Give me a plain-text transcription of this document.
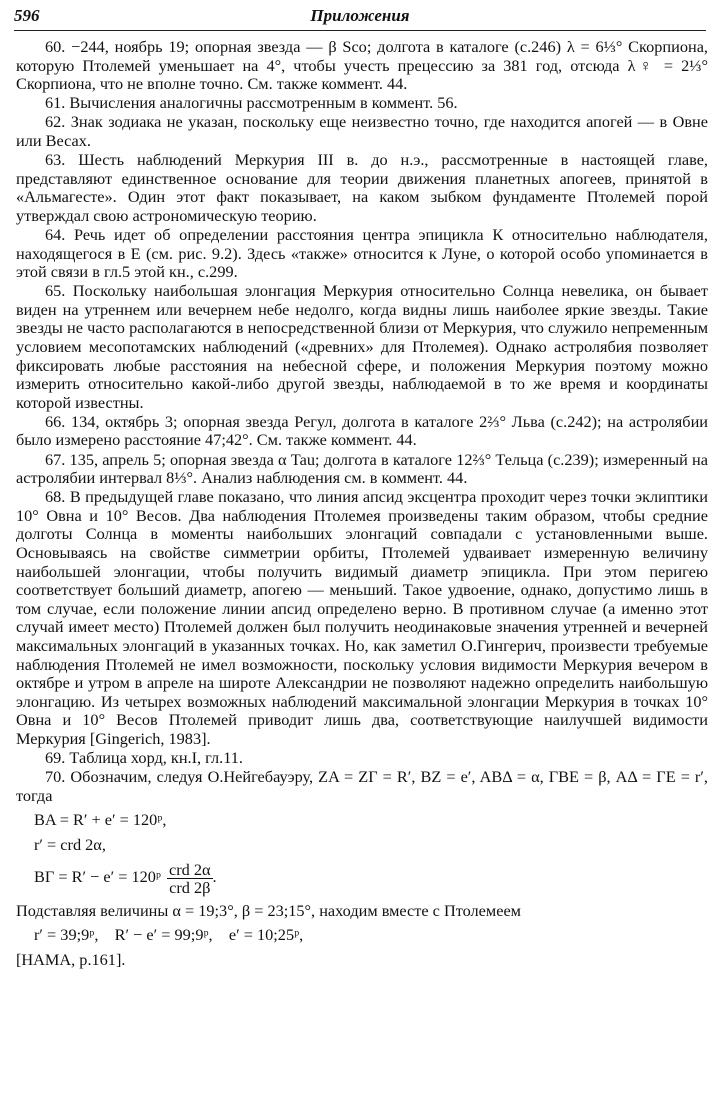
596	Приложения

60. −244, ноябрь 19; опорная звезда — β Sco; долгота в каталоге (с.246) λ = 6⅓° Скорпиона, которую Птолемей уменьшает на 4°, чтобы учесть прецессию за 381 год, отсюда λ♀ = 2⅓° Скорпиона, что не вполне точно. См. также коммент. 44.

61. Вычисления аналогичны рассмотренным в коммент. 56.

62. Знак зодиака не указан, поскольку еще неизвестно точно, где находится апогей — в Овне или Весах.

63. Шесть наблюдений Меркурия III в. до н.э., рассмотренные в настоящей главе, представляют единственное основание для теории движения планетных апогеев, принятой в «Альмагесте». Один этот факт показывает, на каком зыбком фундаменте Птолемей порой утверждал свою астрономическую теорию.

64. Речь идет об определении расстояния центра эпицикла К относительно наблюдателя, находящегося в Е (см. рис. 9.2). Здесь «также» относится к Луне, о которой особо упоминается в этой связи в гл.5 этой кн., с.299.

65. Поскольку наибольшая элонгация Меркурия относительно Солнца невелика, он бывает виден на утреннем или вечернем небе недолго, когда видны лишь наиболее яркие звезды. Такие звезды не часто располагаются в непосредственной близи от Меркурия, что служило непременным условием месопотамских наблюдений («древних» для Птолемея). Однако астролябия позволяет фиксировать любые расстояния на небесной сфере, и положения Меркурия поэтому можно измерить относительно какой-либо другой звезды, наблюдаемой в то же время и координаты которой известны.

66. 134, октябрь 3; опорная звезда Регул, долгота в каталоге 2⅔° Льва (с.242); на астролябии было измерено расстояние 47;42°. См. также коммент. 44.

67. 135, апрель 5; опорная звезда α Tau; долгота в каталоге 12⅔° Тельца (с.239); измеренный на астролябии интервал 8⅓°. Анализ наблюдения см. в коммент. 44.

68. В предыдущей главе показано, что линия апсид эксцентра проходит через точки эклиптики 10° Овна и 10° Весов. Два наблюдения Птолемея произведены таким образом, чтобы средние долготы Солнца в моменты наибольших элонгаций совпадали с установленными выше. Основываясь на свойстве симметрии орбиты, Птолемей удваивает измеренную величину наибольшей элонгации, чтобы получить видимый диаметр эпицикла. При этом перигею соответствует больший диаметр, апогею — меньший. Такое удвоение, однако, допустимо лишь в том случае, если положение линии апсид определено верно. В противном случае (а именно этот случай имеет место) Птолемей должен был получить неодинаковые значения утренней и вечерней максимальных элонгаций в указанных точках. Но, как заметил О.Гингерич, произвести требуемые наблюдения Птолемей не имел возможности, поскольку условия видимости Меркурия вечером в октябре и утром в апреле на широте Александрии не позволяют надежно определить наибольшую элонгацию. Из четырех возможных наблюдений максимальной элонгации Меркурия в точках 10° Овна и 10° Весов Птолемей приводит лишь два, соответствующие наилучшей видимости Меркурия [Gingerich, 1983].

69. Таблица хорд, кн.I, гл.11.

70. Обозначим, следуя О.Нейгебауэру, ZA = ZΓ = R′, BZ = e′, ABΔ = α, ΓBE = β, AΔ = ΓE = r′, тогда

BA = R′ + e′ = 120ᵖ,
r′ = crd 2α,
BΓ = R′ − e′ = 120ᵖ $\frac{\text{crd 2α}}{\text{crd 2β}}$ .

Подставляя величины α = 19;3°, β = 23;15°, находим вместе с Птолемеем

r′ = 39;9ᵖ,    R′ − e′ = 99;9ᵖ,    e′ = 10;25ᵖ,

[HAMA, p.161].
